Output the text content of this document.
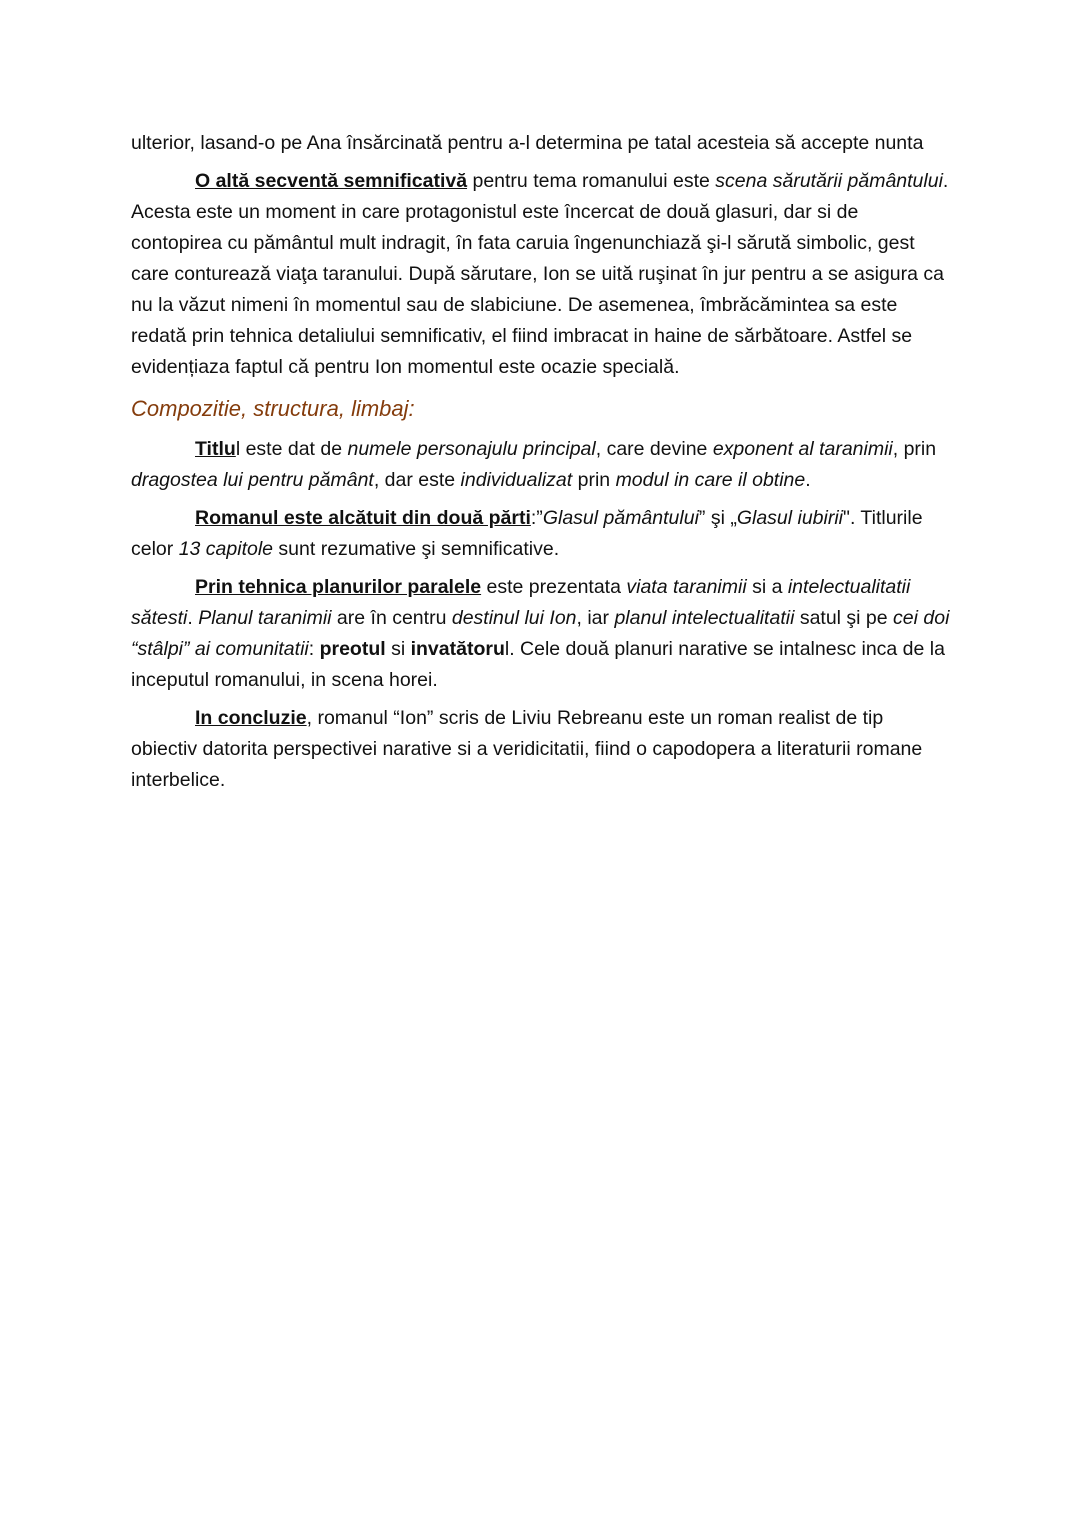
ulterior, lasand-o pe Ana însărcinată pentru a-l determina pe tatal acesteia să accepte nunta

O altă secventă semnificativă pentru tema romanului este scena sărutării pământului. Acesta este un moment in care protagonistul este încercat de două glasuri, dar si de contopirea cu pământul mult indragit, în fata caruia îngenunchiază şi-l sărută simbolic, gest care conturează viaţa taranului. După sărutare, Ion se uită ruşinat în jur pentru a se asigura ca nu la văzut nimeni în momentul sau de slabiciune. De asemenea, îmbrăcămintea sa este redată prin tehnica detaliului semnificativ, el fiind imbracat in haine de sărbătoare. Astfel se evidențiaza faptul că pentru Ion momentul este ocazie specială.

Compozitie, structura, limbaj:

Titlul este dat de numele personajulu principal, care devine exponent al taranimii, prin dragostea lui pentru pământ, dar este individualizat prin modul in care il obtine.

Romanul este alcătuit din două părti:”Glasul pământului” şi „Glasul iubirii". Titlurile celor 13 capitole sunt rezumative şi semnificative.

Prin tehnica planurilor paralele este prezentata viata taranimii si a intelectualitatii sătesti. Planul taranimii are în centru destinul lui Ion, iar planul intelectualitatii satul şi pe cei doi “stâlpi” ai comunitatii: preotul si invatătorul. Cele două planuri narative se intalnesc inca de la inceputul romanului, in scena horei.

In concluzie, romanul “Ion” scris de Liviu Rebreanu este un roman realist de tip obiectiv datorita perspectivei narative si a veridicitatii, fiind o capodopera a literaturii romane interbelice.
